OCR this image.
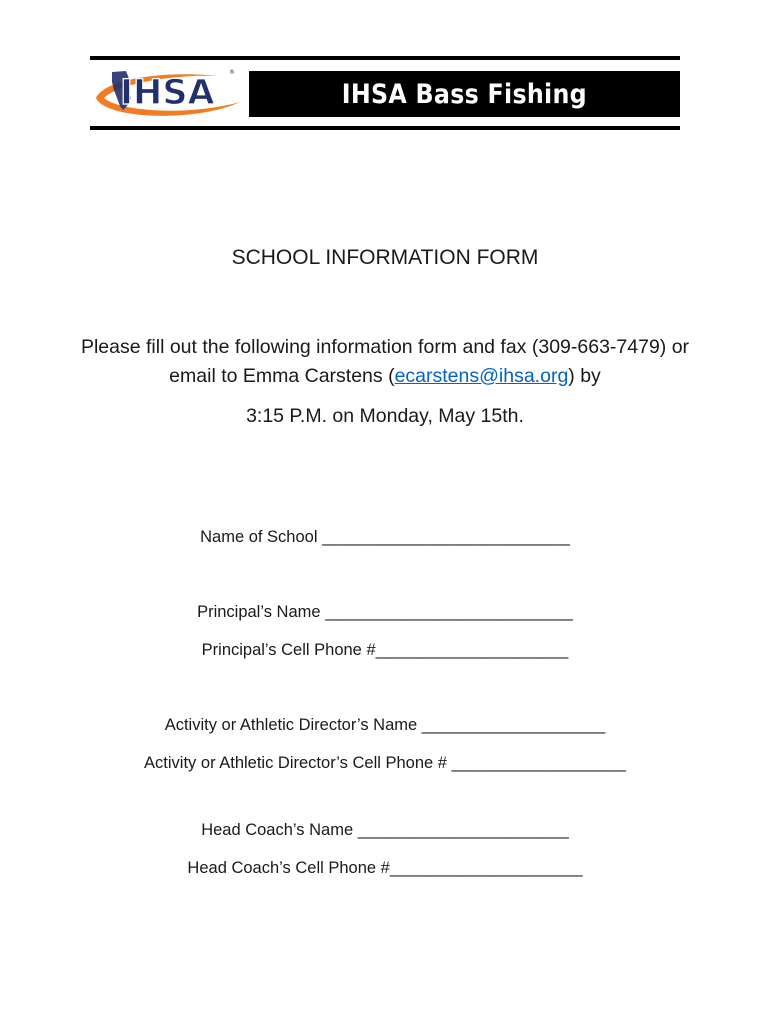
IHSA
®
IHSA Bass Fishing
SCHOOL INFORMATION FORM
Please fill out the following information form and fax (309-663-7479) or email to Emma Carstens (ecarstens@ihsa.org) by
3:15 P.M. on Monday, May 15th.
Name of School ___________________________
Principal’s Name ___________________________
Principal’s Cell Phone #_____________________
Activity or Athletic Director’s Name ____________________
Activity or Athletic Director’s Cell Phone # ___________________
Head Coach’s Name _______________________
Head Coach’s Cell Phone #_____________________
